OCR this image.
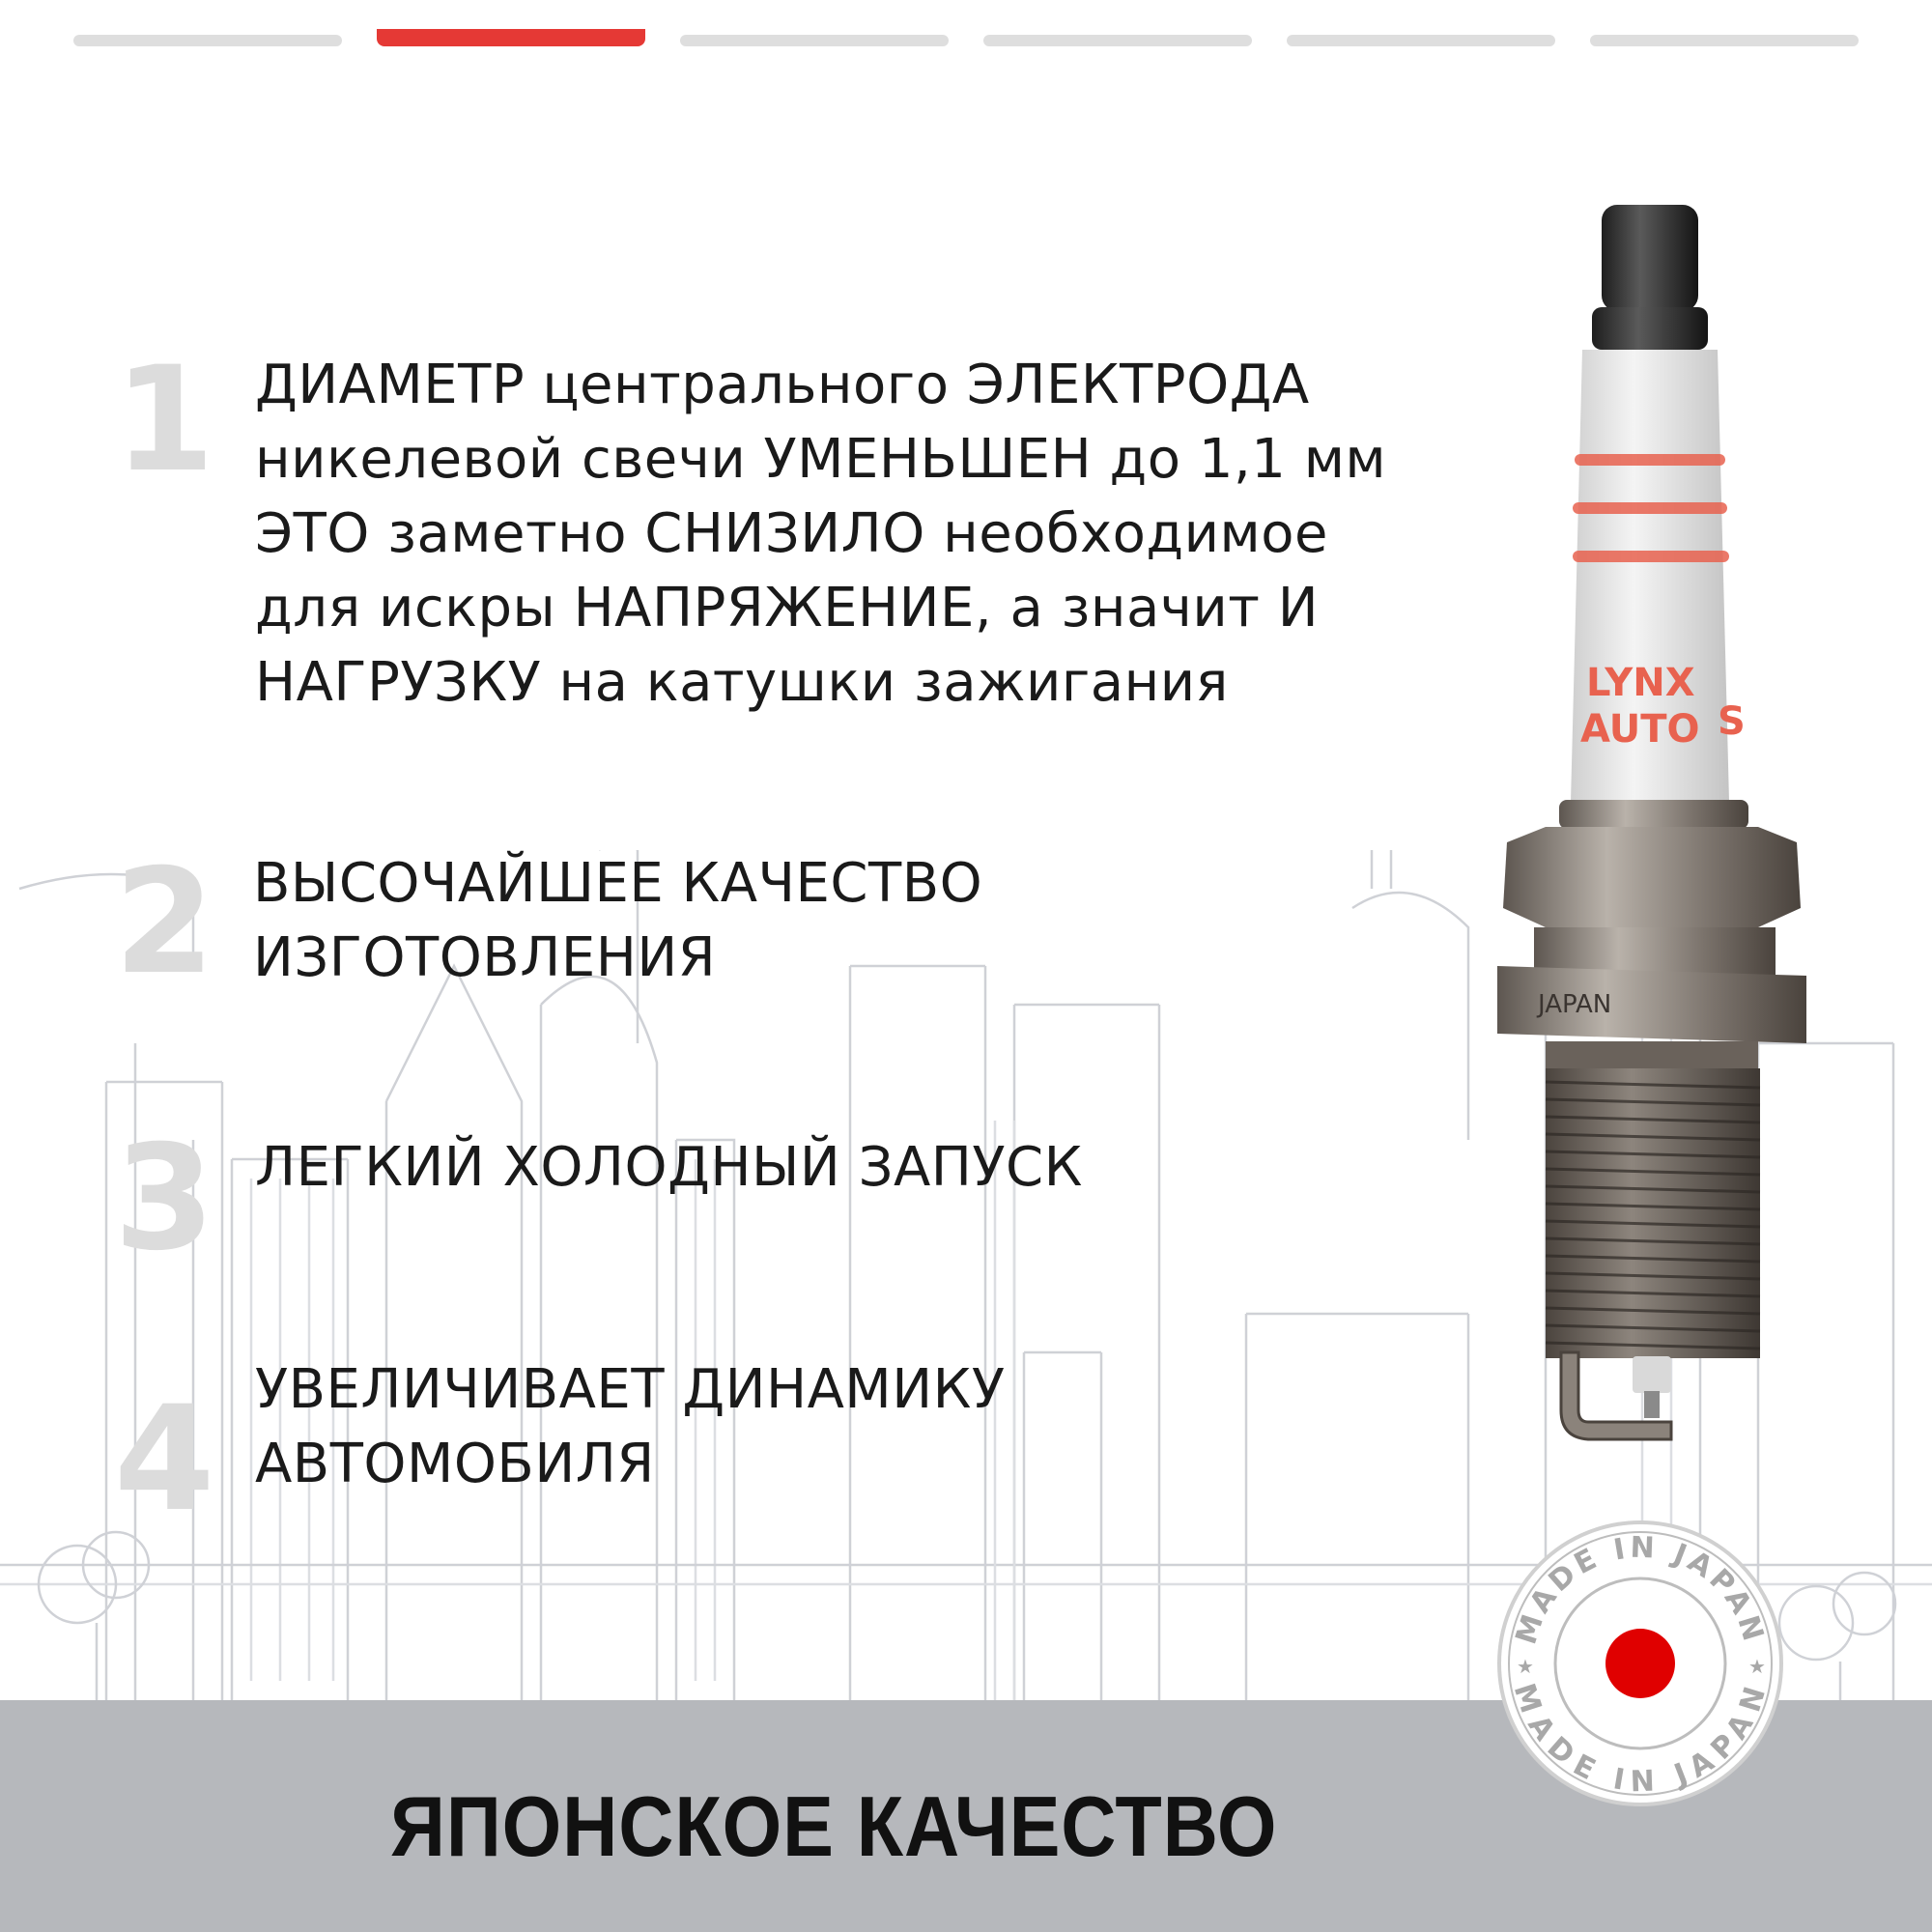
1 ДИАМЕТР центрального ЭЛЕКТРОДА
никелевой свечи УМЕНЬШЕН до 1,1 мм
ЭТО заметно СНИЗИЛО необходимое
для искры НАПРЯЖЕНИЕ, а значит И
НАГРУЗКУ на катушки зажигания
2 ВЫСОЧАЙШЕЕ КАЧЕСТВО
ИЗГОТОВЛЕНИЯ
3 ЛЕГКИЙ ХОЛОДНЫЙ ЗАПУСК
4 УВЕЛИЧИВАЕТ ДИНАМИКУ
АВТОМОБИЛЯ
ЯПОНСКОЕ КАЧЕСТВО
LYNX
AUTO S
JAPAN
MADE IN JAPAN
MADE IN JAPAN
★	★
